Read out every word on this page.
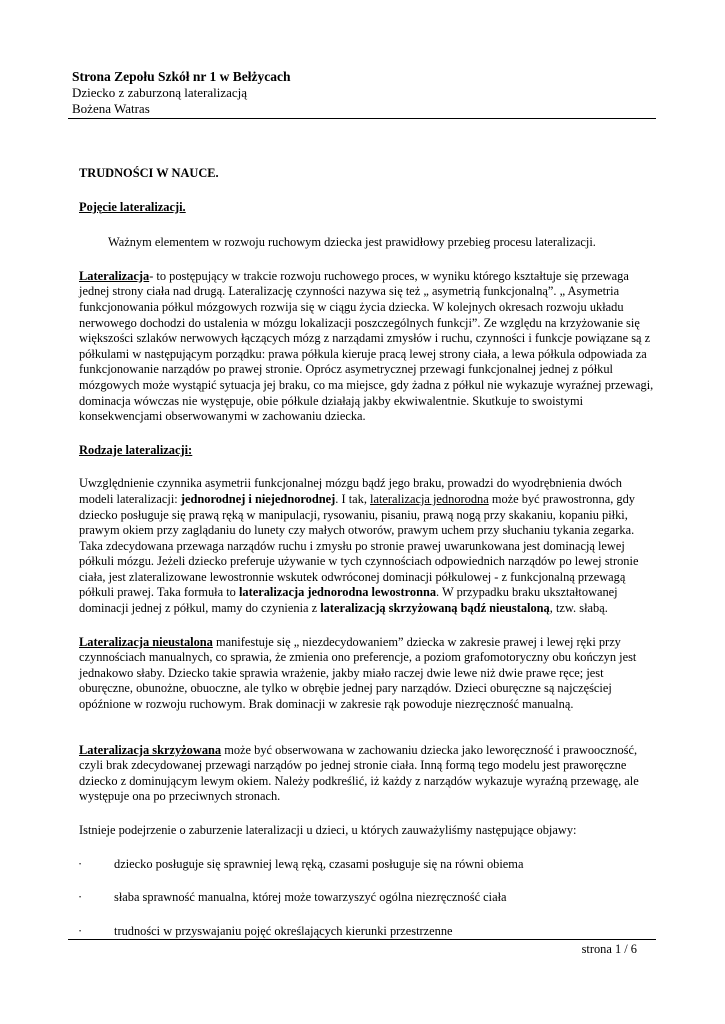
Strona Zepołu Szkół nr 1 w Bełżycach
Dziecko z zaburzoną lateralizacją
Bożena Watras

TRUDNOŚCI W NAUCE.

Pojęcie lateralizacji.

Ważnym elementem w rozwoju ruchowym dziecka jest prawidłowy przebieg procesu lateralizacji.

Lateralizacja- to postępujący w trakcie rozwoju ruchowego proces, w wyniku którego kształtuje się przewaga jednej strony ciała nad drugą. Lateralizację czynności nazywa się też „ asymetrią funkcjonalną”. „ Asymetria funkcjonowania półkul mózgowych rozwija się w ciągu życia dziecka. W kolejnych okresach rozwoju układu nerwowego dochodzi do ustalenia w mózgu lokalizacji poszczególnych funkcji”. Ze względu na krzyżowanie się większości szlaków nerwowych łączących mózg z narządami zmysłów i ruchu, czynności i funkcje powiązane są z półkulami w następującym porządku: prawa półkula kieruje pracą lewej strony ciała, a lewa półkula odpowiada za funkcjonowanie narządów po prawej stronie. Oprócz asymetrycznej przewagi funkcjonalnej jednej z półkul mózgowych może wystąpić sytuacja jej braku, co ma miejsce, gdy żadna z półkul nie wykazuje wyraźnej przewagi, dominacja wówczas nie występuje, obie półkule działają jakby ekwiwalentnie. Skutkuje to swoistymi konsekwencjami obserwowanymi w zachowaniu dziecka.

Rodzaje lateralizacji:

Uwzględnienie czynnika asymetrii funkcjonalnej mózgu bądź jego braku, prowadzi do wyodrębnienia dwóch modeli lateralizacji: jednorodnej i niejednorodnej. I tak, lateralizacja jednorodna może być prawostronna, gdy dziecko posługuje się prawą ręką w manipulacji, rysowaniu, pisaniu, prawą nogą przy skakaniu, kopaniu piłki, prawym okiem przy zaglądaniu do lunety czy małych otworów, prawym uchem przy słuchaniu tykania zegarka. Taka zdecydowana przewaga narządów ruchu i zmysłu po stronie prawej uwarunkowana jest dominacją lewej półkuli mózgu. Jeżeli dziecko preferuje używanie w tych czynnościach odpowiednich narządów po lewej stronie ciała, jest zlateralizowane lewostronnie wskutek odwróconej dominacji półkulowej - z funkcjonalną przewagą półkuli prawej. Taka formuła to lateralizacja jednorodna lewostronna. W przypadku braku ukształtowanej dominacji jednej z półkul, mamy do czynienia z lateralizacją skrzyżowaną bądź nieustaloną, tzw. słabą.

Lateralizacja nieustalona manifestuje się „ niezdecydowaniem” dziecka w zakresie prawej i lewej ręki przy czynnościach manualnych, co sprawia, że zmienia ono preferencje, a poziom grafomotoryczny obu kończyn jest jednakowo słaby. Dziecko takie sprawia wrażenie, jakby miało raczej dwie lewe niż dwie prawe ręce; jest oburęczne, obunożne, obuoczne, ale tylko w obrębie jednej pary narządów. Dzieci oburęczne są najczęściej opóźnione w rozwoju ruchowym. Brak dominacji w zakresie rąk powoduje niezręczność manualną.

Lateralizacja skrzyżowana może być obserwowana w zachowaniu dziecka jako leworęczność i prawooczność, czyli brak zdecydowanej przewagi narządów po jednej stronie ciała. Inną formą tego modelu jest praworęczne dziecko z dominującym lewym okiem. Należy podkreślić, iż każdy z narządów wykazuje wyraźną przewagę, ale występuje ona po przeciwnych stronach.

Istnieje podejrzenie o zaburzenie lateralizacji u dzieci, u których zauważyliśmy następujące objawy:

·	dziecko posługuje się sprawniej lewą ręką, czasami posługuje się na równi obiema
·	słaba sprawność manualna, której może towarzyszyć ogólna niezręczność ciała
·	trudności w przyswajaniu pojęć określających kierunki przestrzenne
strona 1 / 6
